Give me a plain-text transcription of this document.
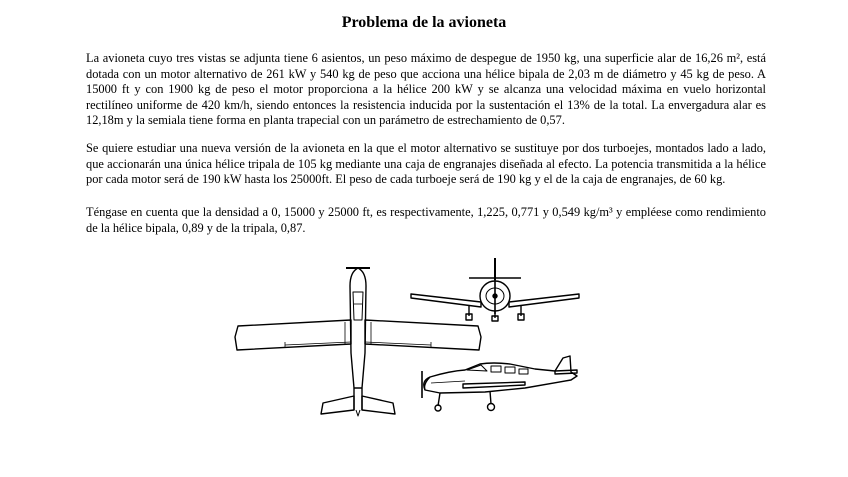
Problema de la avioneta

La avioneta cuyo tres vistas se adjunta tiene 6 asientos, un peso máximo de despegue de 1950 kg, una superficie alar de 16,26 m², está dotada con un motor alternativo de 261 kW y 540 kg de peso que acciona una hélice bipala de 2,03 m de diámetro y 45 kg de peso. A 15000 ft y con 1900 kg de peso el motor proporciona a la hélice 200 kW y se alcanza una velocidad máxima en vuelo horizontal rectilíneo uniforme de 420 km/h, siendo entonces la resistencia inducida por la sustentación el 13% de la total. La envergadura alar es 12,18m y la semiala tiene forma en planta trapecial con un parámetro de estrechamiento de 0,57.

Se quiere estudiar una nueva versión de la avioneta en la que el motor alternativo se sustituye por dos turboejes, montados lado a lado, que accionarán una única hélice tripala de 105 kg mediante una caja de engranajes diseñada al efecto. La potencia transmitida a la hélice por cada motor será de 190 kW hasta los 25000ft. El peso de cada turboeje será de 190 kg y el de la caja de engranajes, de 60 kg.

Téngase en cuenta que la densidad a 0, 15000 y 25000 ft, es respectivamente, 1,225, 0,771 y 0,549 kg/m³ y empléese como rendimiento de la hélice bipala, 0,89 y de la tripala, 0,87.
